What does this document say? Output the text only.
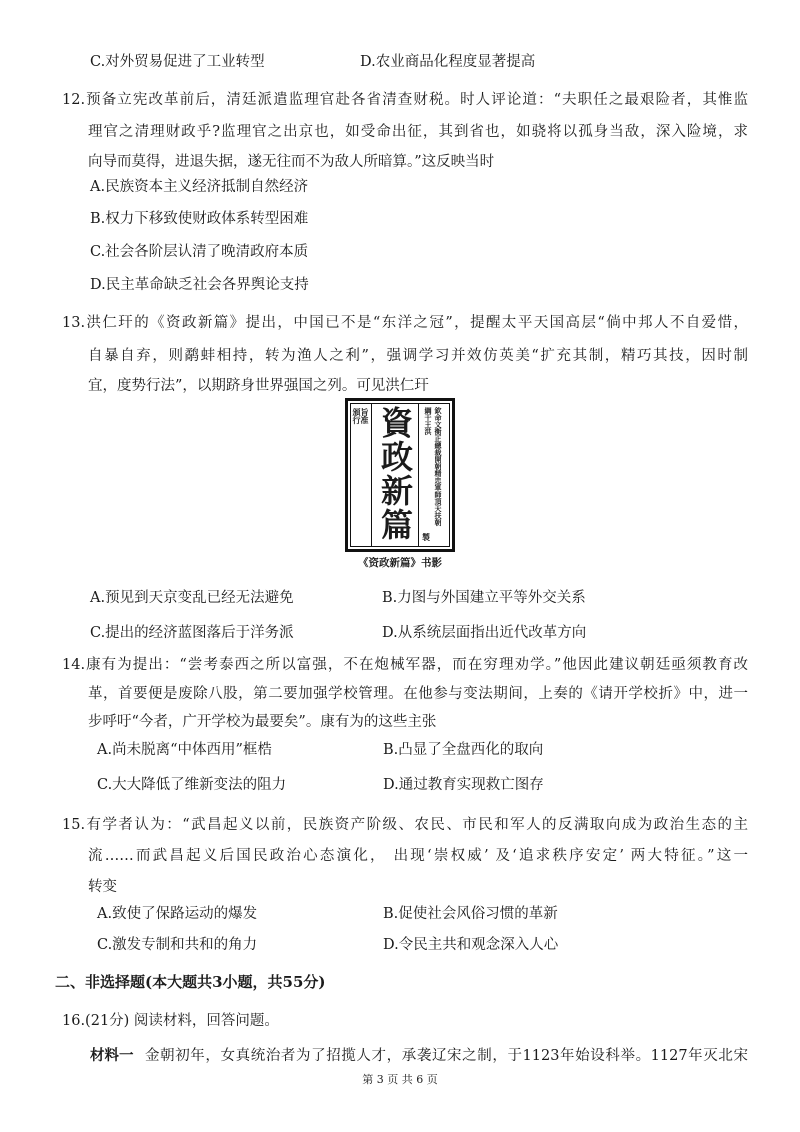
C.对外贸易促进了工业转型	D.农业商品化程度显著提高
12.预备立宪改革前后，清廷派遣监理官赴各省清查财税。时人评论道：“夫职任之最艰险者，其惟监
理官之清理财政乎?监理官之出京也，如受命出征，其到省也，如骁将以孤身当敌，深入险境，求
向导而莫得，进退失据，遂无往而不为敌人所暗算。”这反映当时
A.民族资本主义经济抵制自然经济
B.权力下移致使财政体系转型困难
C.社会各阶层认清了晚清政府本质
D.民主革命缺乏社会各界舆论支持
13.洪仁玕的《资政新篇》提出，中国已不是“东洋之冠”，提醒太平天国高层“倘中邦人不自爱惜，
自暴自弃，则鹬蚌相持，转为渔人之利”，强调学习并效仿英美“扩充其制，精巧其技，因时制
宜，度势行法”，以期跻身世界强国之列。可见洪仁玕
旨准頒行 資政新篇	欽命文衡正總裁開朝精忠軍師頂天扶朝綱干王洪
製
《资政新篇》书影
A.预见到天京变乱已经无法避免	B.力图与外国建立平等外交关系
C.提出的经济蓝图落后于洋务派	D.从系统层面指出近代改革方向
14.康有为提出：“尝考泰西之所以富强，不在炮械军器，而在穷理劝学。”他因此建议朝廷亟须教育改
革，首要便是废除八股，第二要加强学校管理。在他参与变法期间，上奏的《请开学校折》中，进一
步呼吁“今者，广开学校为最要矣”。康有为的这些主张
A.尚未脱离“中体西用”框梏	B.凸显了全盘西化的取向
C.大大降低了维新变法的阻力	D.通过教育实现救亡图存
15.有学者认为：“武昌起义以前，民族资产阶级、农民、市民和军人的反满取向成为政治生态的主
流……而武昌起义后国民政治心态演化， 出现‘崇权威’ 及‘追求秩序安定’ 两大特征。”这一
转变
A.致使了保路运动的爆发	B.促使社会风俗习惯的革新
C.激发专制和共和的角力	D.令民主共和观念深入人心
二、非选择题(本大题共3小题，共55分)
16.(21分) 阅读材料，回答问题。
材料一 金朝初年，女真统治者为了招揽人才，承袭辽宋之制，于1123年始设科举。1127年灭北宋
第 3 页 共 6 页
